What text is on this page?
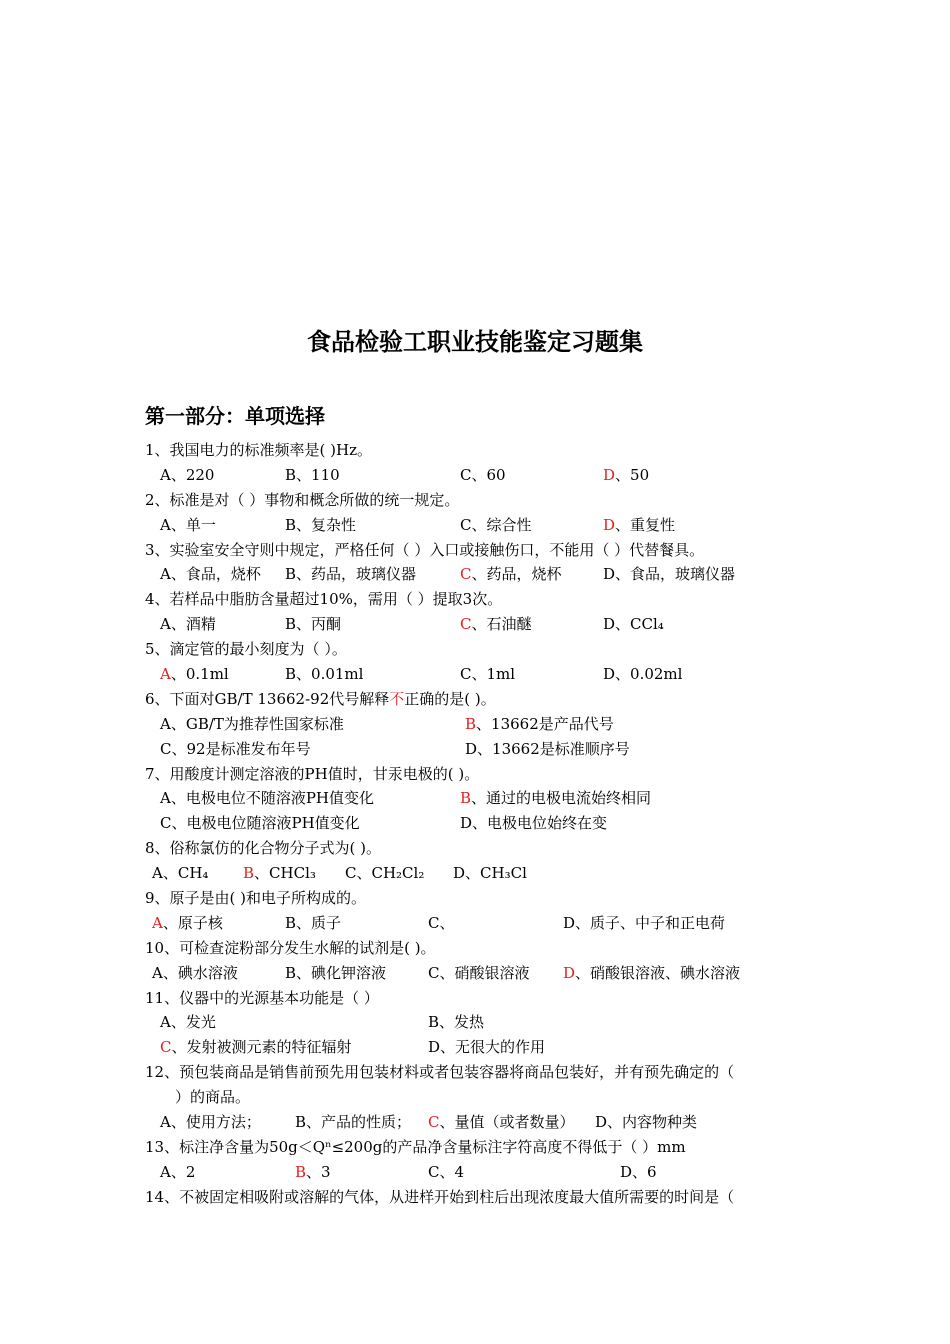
食品检验工职业技能鉴定习题集
第一部分：单项选择
1、我国电力的标准频率是( )Hz。
A、220	B、110	C、60	D、50
2、标准是对（ ）事物和概念所做的统一规定。
A、单一	B、复杂性	C、综合性	D、重复性
3、实验室安全守则中规定，严格任何（ ）入口或接触伤口，不能用（ ）代替餐具。
A、食品，烧杯 B、药品，玻璃仪器	C、药品，烧杯	D、食品，玻璃仪器
4、若样品中脂肪含量超过10%，需用（ ）提取3次。
A、酒精	B、丙酮	C、石油醚	D、CCl₄
5、滴定管的最小刻度为（ ）。
A、0.1ml	B、0.01ml	C、1ml	D、0.02ml
6、下面对GB/T 13662-92代号解释不正确的是( )。
A、GB/T为推荐性国家标准	B、13662是产品代号
C、92是标准发布年号	D、13662是标准顺序号
7、用酸度计测定溶液的PH值时，甘汞电极的( )。
A、电极电位不随溶液PH值变化	B、通过的电极电流始终相同
C、电极电位随溶液PH值变化	D、电极电位始终在变
8、俗称氯仿的化合物分子式为( )。
A、CH₄ B、CHCl₃ C、CH₂Cl₂ D、CH₃Cl
9、原子是由( )和电子所构成的。
A、原子核	B、质子	C、	D、质子、中子和正电荷
10、可检查淀粉部分发生水解的试剂是( )。
A、碘水溶液	B、碘化钾溶液	C、硝酸银溶液 D、硝酸银溶液、碘水溶液
11、仪器中的光源基本功能是（ ）
A、发光	B、发热
C、发射被测元素的特征辐射	D、无很大的作用
12、预包装商品是销售前预先用包装材料或者包装容器将商品包装好，并有预先确定的（
　　）的商品。
A、使用方法； B、产品的性质； C、量值（或者数量） D、内容物种类
13、标注净含量为50g＜Qⁿ≤200g的产品净含量标注字符高度不得低于（ ）mm
A、2	B、3	C、4	D、6
14、不被固定相吸附或溶解的气体，从进样开始到柱后出现浓度最大值所需要的时间是（
